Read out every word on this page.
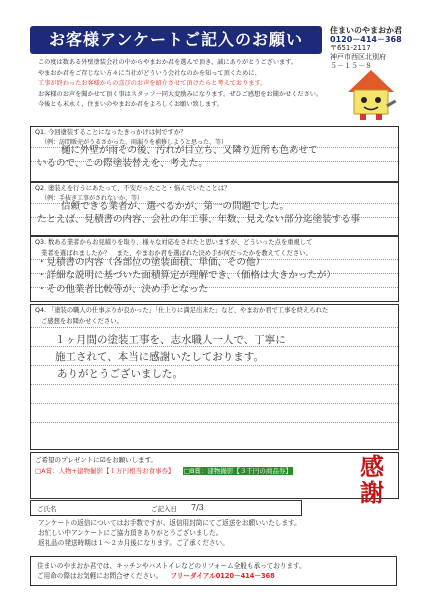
お客様アンケートご記入のお願い	住まいのやまおか君
0120－414－368
〒651-2117
神戸市西区北別府
５－１５－８
この度は数ある外壁塗装会社の中からやまおか君を選んで頂き、誠にありがとうございます。
やまおか君をご存じない方々に当社がどういう会社なのかを知って頂くために、
工事が終わったお客様からの喜びのお声を紹介させて頂けたらと考えております。
お客様のお声を聞かせて頂く事はスタッフ一同大変励みになります。ぜひご感想をお聞かせください。
今後とも末永く、住まいのやまおか君をよろしくお願い致します。
Q1. 今回塗装することになったきっかけは何ですか？
（例：訪問販売がうるさかった、雨漏りを補修しようと思った、等）
樋に外壁が雨その後、汚れが目立ち、又隣り近所も色あせて
いるので、この際塗装替えを、考えた。
Q2. 塗装えを行うにあたって、不安だったこと・悩んでいたことは？
（例：手抜き工事がされないか、等）
信頼できる業者が、選べるかが、第一の問題でした。
たとえば、見積書の内容、会社の年工事、年数、見えない部分迄塗装する事
Q3. 数ある業者からお見積りを取り、様々な対応をされたと思いますが、どういった点を重視して
業者を選ばれましたか？　また、やまおか君を選ばれた決め手が何だったかを教えてください。
・見積書の内容（各部位の塗装面積、単価、その他）
・詳細な説明に基づいた面積算定が理解でき、（価格は大きかったが）
・その他業者比較等が、決め手となった
Q4. 「塗装の職人の仕事ぶりが良かった」「仕上りに満足出来た」など、やまおか君で工事を終えられた
ご感想をお聞かせください。
１ヶ月間の塗装工事を、志水職人一人で、丁寧に
施工されて、本当に感謝いたしております。
ありがとうございました。
ご希望のプレゼントに☑をお願いします。
□A賞：人物+建物撮影【１万円相当お食事券】 □B賞：建物撮影【３千円の商品券】	感謝
ご氏名	ご記入日 7/3
アンケートの返信についてはお手数ですが、返信用封筒にてご返送をお願いいたします。
お忙しい中アンケートにご協力頂きありがとうございました。
返礼品の発送時期は１～２カ月後になります。ご了承ください。
住まいのやまおか君では、キッチンやバストイレなどのリフォーム全般も承っております。
ご用命の際はお気軽にお問合せください。 フリーダイアル0120－414－368
